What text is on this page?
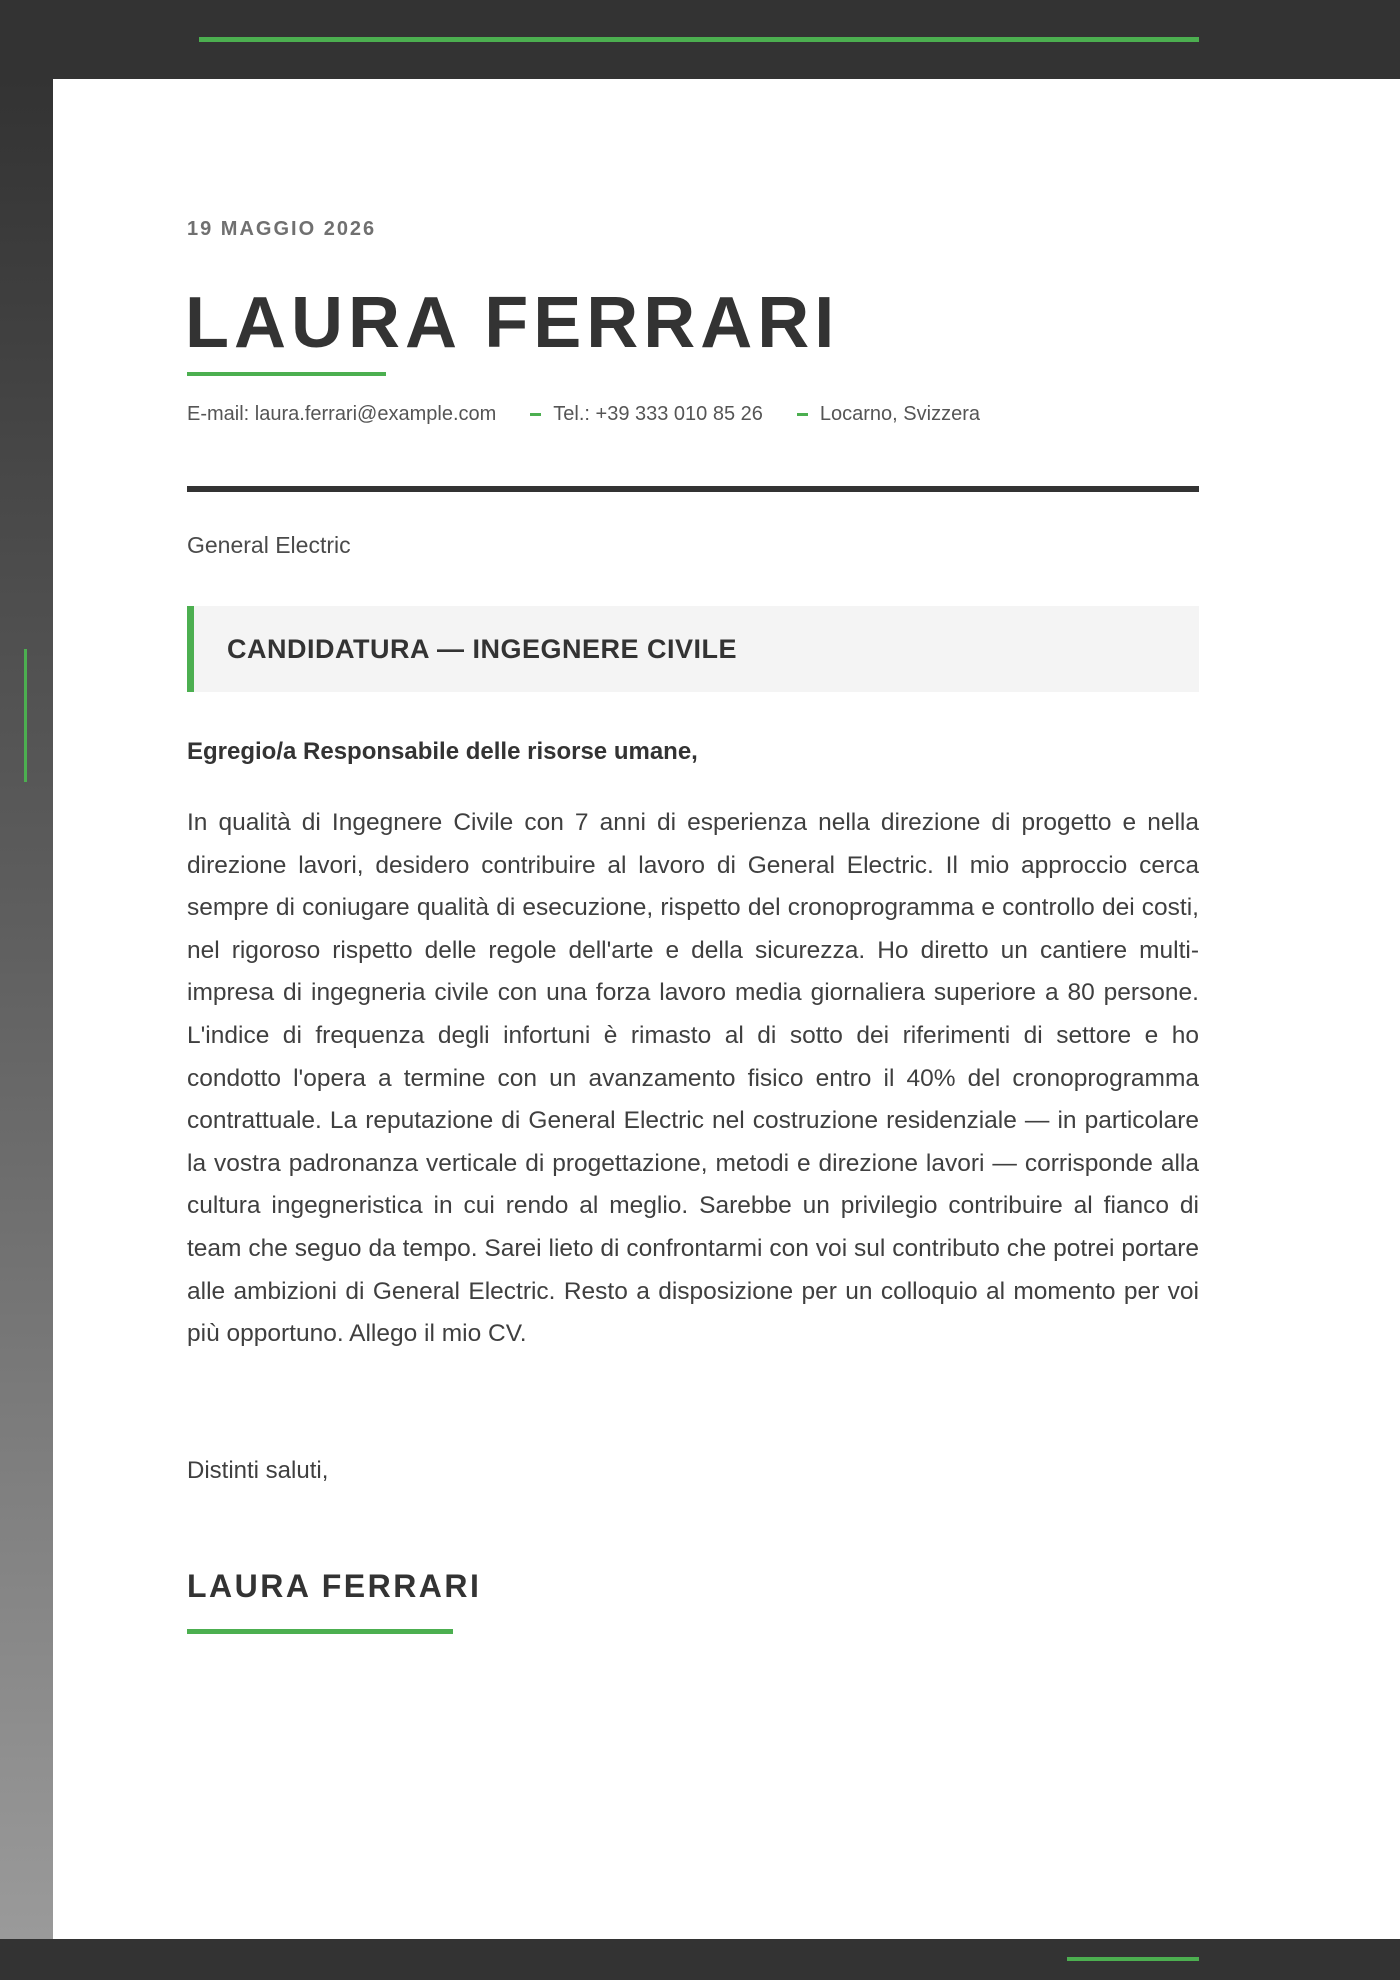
19 MAGGIO 2026
LAURA FERRARI
E-mail: laura.ferrari@example.com	Tel.: +39 333 010 85 26	Locarno, Svizzera
General Electric
CANDIDATURA — INGEGNERE CIVILE
Egregio/a Responsabile delle risorse umane,

In qualità di Ingegnere Civile con 7 anni di esperienza nella direzione di progetto e nella direzione lavori, desidero contribuire al lavoro di General Electric. Il mio approccio cerca sempre di coniugare qualità di esecuzione, rispetto del cronoprogramma e controllo dei costi, nel rigoroso rispetto delle regole dell'arte e della sicurezza. Ho diretto un cantiere multi-impresa di ingegneria civile con una forza lavoro media giornaliera superiore a 80 persone. L'indice di frequenza degli infortuni è rimasto al di sotto dei riferimenti di settore e ho condotto l'opera a termine con un avanzamento fisico entro il 40% del cronoprogramma contrattuale. La reputazione di General Electric nel costruzione residenziale — in particolare la vostra padronanza verticale di progettazione, metodi e direzione lavori — corrisponde alla cultura ingegneristica in cui rendo al meglio. Sarebbe un privilegio contribuire al fianco di team che seguo da tempo. Sarei lieto di confrontarmi con voi sul contributo che potrei portare alle ambizioni di General Electric. Resto a disposizione per un colloquio al momento per voi più opportuno. Allego il mio CV.

Distinti saluti,
LAURA FERRARI
